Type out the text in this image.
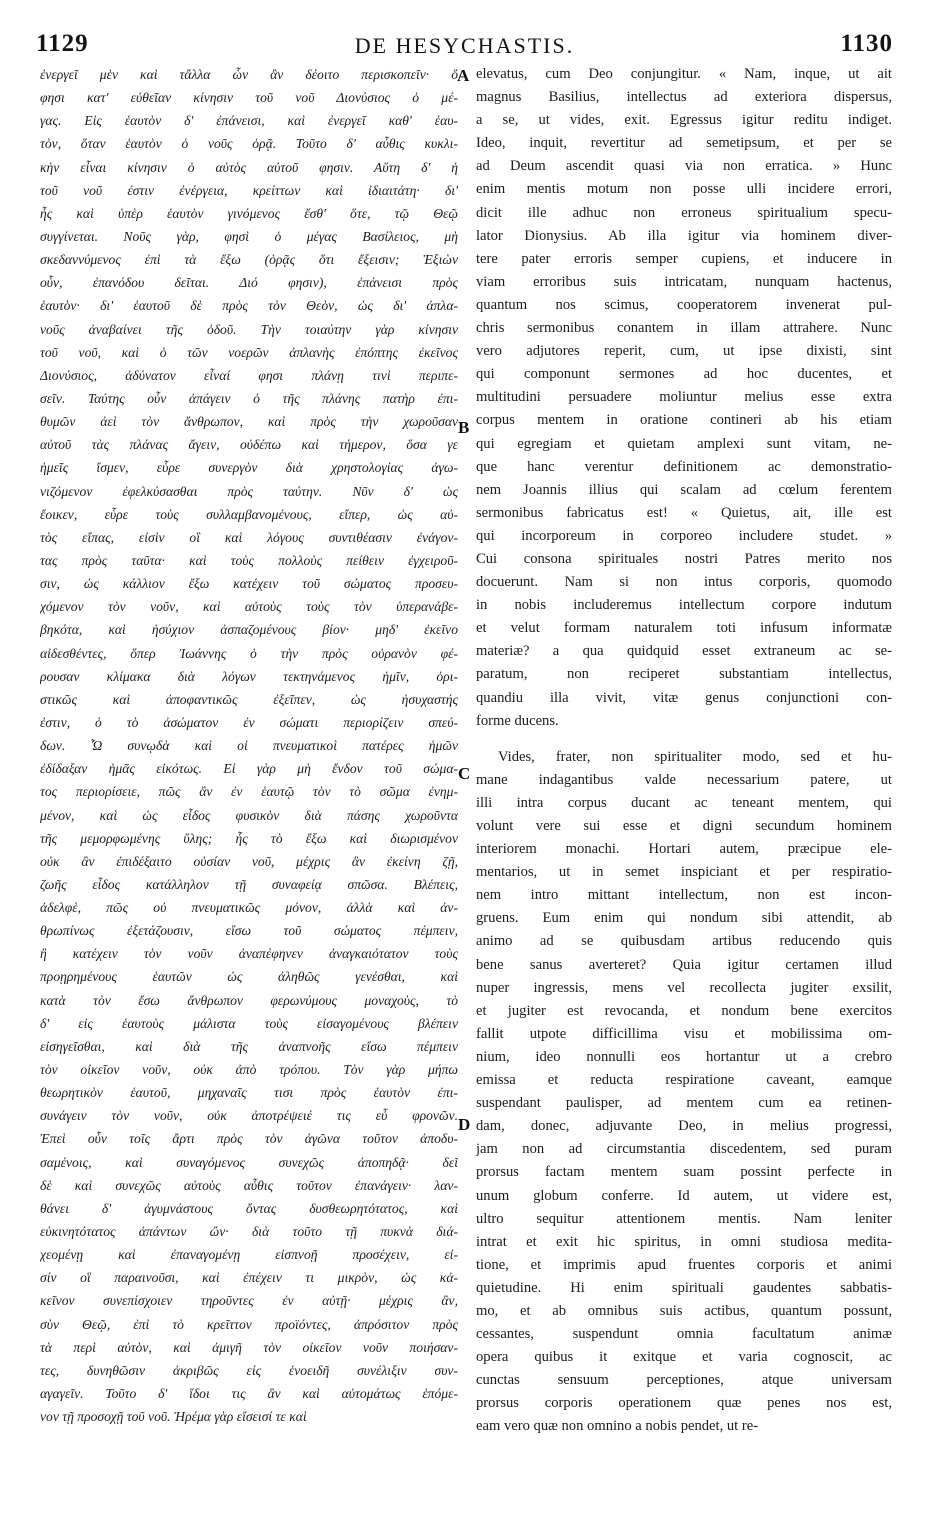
1129	DE HESYCHASTIS.	1130
ἐνεργεῖ μὲν καὶ τἄλλα ὧν ἂν δέοιτο περισκοπεῖν· ὅ
φησι κατ' εὐθεῖαν κίνησιν τοῦ νοῦ Διονύσιος ὁ μέ-
γας. Εἰς ἑαυτὸν δ' ἐπάνεισι, καὶ ἐνεργεῖ καθ' ἑαυ-
τὸν, ὅταν ἑαυτὸν ὁ νοῦς ὁρᾷ. Τοῦτο δ' αὖθις κυκλι-
κὴν εἶναι κίνησιν ὁ αὐτὸς αὐτοῦ φησιν. Αὕτη δ' ἡ
τοῦ νοῦ ἐστιν ἐνέργεια, κρείττων καὶ ἰδιαιτάτη· δι'
ἧς καὶ ὑπὲρ ἑαυτὸν γινόμενος ἔσθ' ὅτε, τῷ Θεῷ
συγγίνεται. Νοῦς γὰρ, φησὶ ὁ μέγας Βασίλειος, μὴ
σκεδαννύμενος ἐπὶ τὰ ἔξω (ὁρᾷς ὅτι ἔξεισιν; Ἐξιὼν
οὖν, ἐπανόδου δεῖται. Διό φησιν), ἐπάνεισι πρὸς
ἑαυτὸν· δι' ἑαυτοῦ δὲ πρὸς τὸν Θεὸν, ὡς δι' ἀπλα-
νοῦς ἀναβαίνει τῆς ὁδοῦ. Τὴν τοιαύτην γὰρ κίνησιν
τοῦ νοῦ, καὶ ὁ τῶν νοερῶν ἀπλανὴς ἐπόπτης ἐκεῖνος
Διονύσιος, ἀδύνατον εἶναί φησι πλάνῃ τινὶ περιπε-
σεῖν. Ταύτης οὖν ἀπάγειν ὁ τῆς πλάνης πατὴρ ἐπι-
θυμῶν ἀεὶ τὸν ἄνθρωπον, καὶ πρὸς τὴν χωροῦσαν
αὐτοῦ τὰς πλάνας ἄγειν, οὐδέπω καὶ τήμερον, ὅσα γε
ἡμεῖς ἴσμεν, εὗρε συνεργὸν διὰ χρηστολογίας ἀγω-
νιζόμενον ἐφελκύσασθαι πρὸς ταύτην. Νῦν δ' ὡς
ἔοικεν, εὗρε τοὺς συλλαμβανομένους, εἴπερ, ὡς αὐ-
τὸς εἴπας, εἰσὶν οἳ καὶ λόγους συντιθέασιν ἐνάγον-
τας πρὸς ταῦτα· καὶ τοὺς πολλοὺς πείθειν ἐγχειροῦ-
σιν, ὡς κάλλιον ἔξω κατέχειν τοῦ σώματος προσευ-
χόμενον τὸν νοῦν, καὶ αὐτοὺς τοὺς τὸν ὑπερανάβε-
βηκότα, καὶ ἡσύχιον ἀσπαζομένους βίον· μηδ' ἐκεῖνο
αἰδεσθέντες, ὅπερ Ἰωάννης ὁ τὴν πρὸς οὐρανὸν φέ-
ρουσαν κλίμακα διὰ λόγων τεκτηνάμενος ἡμῖν, ὁρι-
στικῶς καὶ ἀποφαντικῶς ἐξεῖπεν, ὡς ἡσυχαστής
ἐστιν, ὁ τὸ ἀσώματον ἐν σώματι περιορίζειν σπεύ-
δων. Ὧ συνῳδὰ καὶ οἱ πνευματικοὶ πατέρες ἡμῶν
ἐδίδαξαν ἡμᾶς εἰκότως. Εἰ γὰρ μὴ ἔνδον τοῦ σώμα-
τος περιορίσειε, πῶς ἂν ἐν ἑαυτῷ τὸν τὸ σῶμα ἐνημ-
μένον, καὶ ὡς εἶδος φυσικὸν διὰ πάσης χωροῦντα
τῆς μεμορφωμένης ὕλης; ἧς τὸ ἔξω καὶ διωρισμένον
οὐκ ἂν ἐπιδέξαιτο οὐσίαν νοῦ, μέχρις ἂν ἐκείνη ζῇ,
ζωῆς εἶδος κατάλληλον τῇ συναφείᾳ σπῶσα. Βλέπεις,
ἀδελφὲ, πῶς οὐ πνευματικῶς μόνον, ἀλλὰ καὶ ἀν-
θρωπίνως ἐξετάζουσιν, εἴσω τοῦ σώματος πέμπειν,
ἢ κατέχειν τὸν νοῦν ἀναπέφηνεν ἀναγκαιότατον τοὺς
προῃρημένους ἑαυτῶν ὡς ἀληθῶς γενέσθαι, καὶ
κατὰ τὸν ἔσω ἄνθρωπον φερωνύμους μοναχοὺς, τὸ
δ' εἰς ἑαυτοὺς μάλιστα τοὺς εἰσαγομένους βλέπειν
εἰσηγεῖσθαι, καὶ διὰ τῆς ἀναπνοῆς εἴσω πέμπειν
τὸν οἰκεῖον νοῦν, οὐκ ἀπὸ τρόπου. Τὸν γὰρ μήπω
θεωρητικὸν ἑαυτοῦ, μηχαναῖς τισι πρὸς ἑαυτὸν ἐπι-
συνάγειν τὸν νοῦν, οὐκ ἀποτρέψειέ τις εὖ φρονῶν.
Ἐπεὶ οὖν τοῖς ἄρτι πρὸς τὸν ἀγῶνα τοῦτον ἀποδυ-
σαμένοις, καὶ συναγόμενος συνεχῶς ἀποπηδᾷ· δεῖ
δὲ καὶ συνεχῶς αὐτοὺς αὖθις τοῦτον ἐπανάγειν· λαν-
θάνει δ' ἀγυμνάστους ὄντας δυσθεωρητότατος, καὶ
εὐκινητότατος ἁπάντων ὤν· διὰ τοῦτο τῇ πυκνὰ διά-
χεομένῃ καὶ ἐπαναγομένῃ εἰσπνοῇ προσέχειν, εἰ-
σίν οἳ παραινοῦσι, καὶ ἐπέχειν τι μικρὸν, ὡς κἀ-
κεῖνον συνεπίσχοιεν τηροῦντες ἐν αὐτῇ· μέχρις ἂν,
σὺν Θεῷ, ἐπὶ τὸ κρεῖττον προϊόντες, ἀπρόσιτον πρὸς
τὰ περὶ αὐτὸν, καὶ ἀμιγῆ τὸν οἰκεῖον νοῦν ποιήσαν-
τες, δυνηθῶσιν ἀκριβῶς εἰς ἑνοειδῆ συνέλιξιν συν-
αγαγεῖν. Τοῦτο δ' ἴδοι τις ἂν καὶ αὐτομάτως ἑπόμε-
νον τῇ προσοχῇ τοῦ νοῦ. Ἠρέμα γὰρ εἴσεισί τε καὶ
elevatus, cum Deo conjungitur. « Nam, inque, ut ait
magnus Basilius, intellectus ad exteriora dispersus,
a se, ut vides, exit. Egressus igitur reditu indiget.
Ideo, inquit, revertitur ad semetipsum, et per se
ad Deum ascendit quasi via non erratica. » Hunc
enim mentis motum non posse ulli incidere errori,
dicit ille adhuc non erroneus spiritualium specu-
lator Dionysius. Ab illa igitur via hominem diver-
tere pater erroris semper cupiens, et inducere in
viam erroribus suis intricatam, nunquam hactenus,
quantum nos scimus, cooperatorem invenerat pul-
chris sermonibus conantem in illam attrahere. Nunc
vero adjutores reperit, cum, ut ipse dixisti, sint
qui componunt sermones ad hoc ducentes, et
multitudini persuadere moliuntur melius esse extra
corpus mentem in oratione contineri ab his etiam
qui egregiam et quietam amplexi sunt vitam, ne-
que hanc verentur definitionem ac demonstratio-
nem Joannis illius qui scalam ad cœlum ferentem
sermonibus fabricatus est! « Quietus, ait, ille est
qui incorporeum in corporeo includere studet. »
Cui consona spirituales nostri Patres merito nos
docuerunt. Nam si non intus corporis, quomodo
in nobis includeremus intellectum corpore indutum
et velut formam naturalem toti infusum informatæ
materiæ? a qua quidquid esset extraneum ac se-
paratum, non reciperet substantiam intellectus,
quandiu illa vivit, vitæ genus conjunctioni con-
forme ducens.
Vides, frater, non spiritualiter modo, sed et hu-
mane indagantibus valde necessarium patere, ut
illi intra corpus ducant ac teneant mentem, qui
volunt vere sui esse et digni secundum hominem
interiorem monachi. Hortari autem, præcipue ele-
mentarios, ut in semet inspiciant et per respiratio-
nem intro mittant intellectum, non est incon-
gruens. Eum enim qui nondum sibi attendit, ab
animo ad se quibusdam artibus reducendo quis
bene sanus averteret? Quia igitur certamen illud
nuper ingressis, mens vel recollecta jugiter exsilit,
et jugiter est revocanda, et nondum bene exercitos
fallit utpote difficillima visu et mobilissima om-
nium, ideo nonnulli eos hortantur ut a crebro
emissa et reducta respiratione caveant, eamque
suspendant paulisper, ad mentem cum ea retinen-
dam, donec, adjuvante Deo, in melius progressi,
jam non ad circumstantia discedentem, sed puram
prorsus factam mentem suam possint perfecte in
unum globum conferre. Id autem, ut videre est,
ultro sequitur attentionem mentis. Nam leniter
intrat et exit hic spiritus, in omni studiosa medita-
tione, et imprimis apud fruentes corporis et animi
quietudine. Hi enim spirituali gaudentes sabbatis-
mo, et ab omnibus suis actibus, quantum possunt,
cessantes, suspendunt omnia facultatum animæ
opera quibus it exitque et varia cognoscit, ac
cunctas sensuum perceptiones, atque universam
prorsus corporis operationem quæ penes nos est,
eam vero quæ non omnino a nobis pendet, ut re-
A
B
C
D
